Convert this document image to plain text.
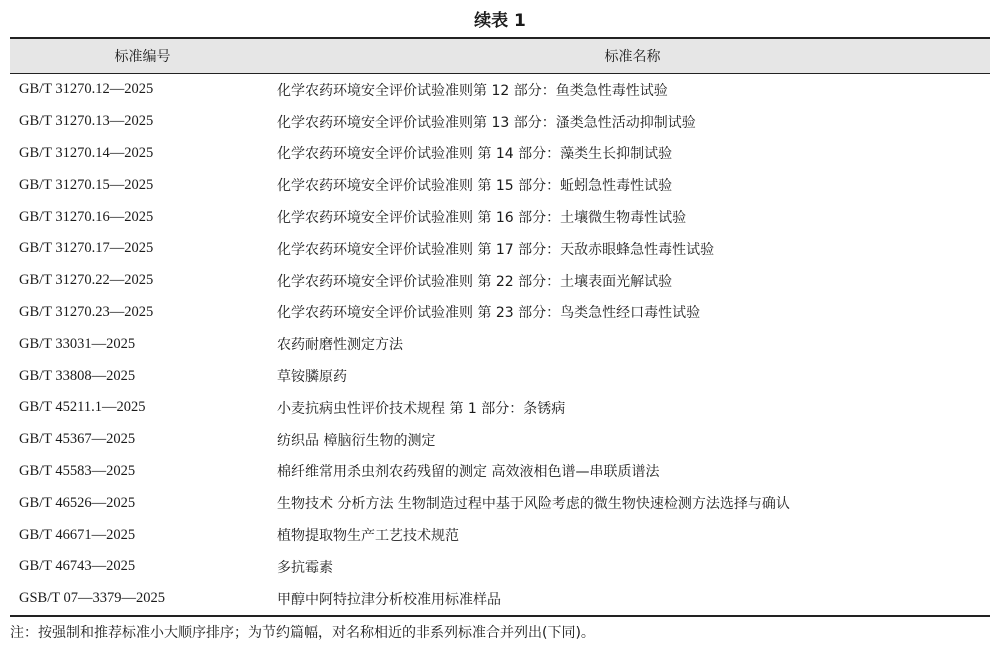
续表 1
标准编号	标准名称
GB/T 31270.12—2025	化学农药环境安全评价试验准则第 12 部分：鱼类急性毒性试验
GB/T 31270.13—2025	化学农药环境安全评价试验准则第 13 部分：溞类急性活动抑制试验
GB/T 31270.14—2025	化学农药环境安全评价试验准则 第 14 部分：藻类生长抑制试验
GB/T 31270.15—2025	化学农药环境安全评价试验准则 第 15 部分：蚯蚓急性毒性试验
GB/T 31270.16—2025	化学农药环境安全评价试验准则 第 16 部分：土壤微生物毒性试验
GB/T 31270.17—2025	化学农药环境安全评价试验准则 第 17 部分：天敌赤眼蜂急性毒性试验
GB/T 31270.22—2025	化学农药环境安全评价试验准则 第 22 部分：土壤表面光解试验
GB/T 31270.23—2025	化学农药环境安全评价试验准则 第 23 部分：鸟类急性经口毒性试验
GB/T 33031—2025	农药耐磨性测定方法
GB/T 33808—2025	草铵膦原药
GB/T 45211.1—2025	小麦抗病虫性评价技术规程 第 1 部分：条锈病
GB/T 45367—2025	纺织品 樟脑衍生物的测定
GB/T 45583—2025	棉纤维常用杀虫剂农药残留的测定 高效液相色谱—串联质谱法
GB/T 46526—2025	生物技术 分析方法 生物制造过程中基于风险考虑的微生物快速检测方法选择与确认
GB/T 46671—2025	植物提取物生产工艺技术规范
GB/T 46743—2025	多抗霉素
GSB/T 07—3379—2025	甲醇中阿特拉津分析校准用标准样品
注：按强制和推荐标准小大顺序排序；为节约篇幅，对名称相近的非系列标准合并列出(下同)。
